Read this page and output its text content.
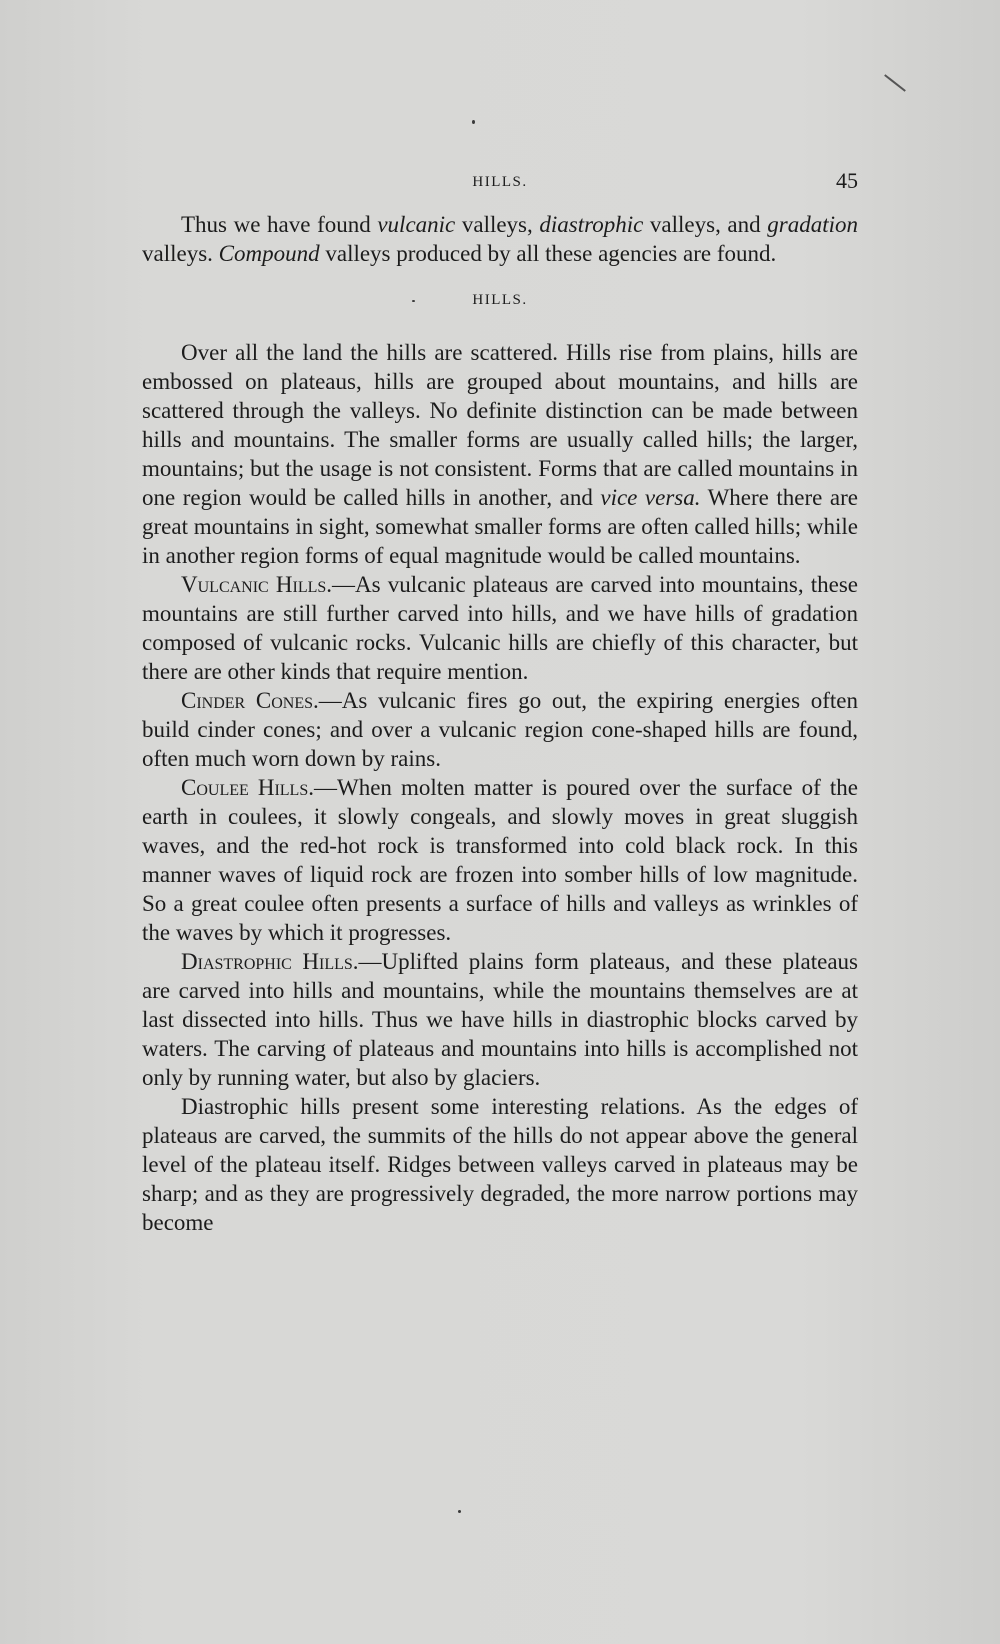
HILLS.	45

Thus we have found vulcanic valleys, diastrophic valleys, and gradation valleys. Compound valleys produced by all these agencies are found.

HILLS.

Over all the land the hills are scattered. Hills rise from plains, hills are embossed on plateaus, hills are grouped about mountains, and hills are scattered through the valleys. No definite distinction can be made between hills and mountains. The smaller forms are usually called hills; the larger, mountains; but the usage is not consistent. Forms that are called mountains in one region would be called hills in another, and vice versa. Where there are great mountains in sight, somewhat smaller forms are often called hills; while in another region forms of equal magnitude would be called mountains.

Vulcanic Hills.—As vulcanic plateaus are carved into mountains, these mountains are still further carved into hills, and we have hills of gradation composed of vulcanic rocks. Vulcanic hills are chiefly of this character, but there are other kinds that require mention.

Cinder Cones.—As vulcanic fires go out, the expiring energies often build cinder cones; and over a vulcanic region cone-shaped hills are found, often much worn down by rains.

Coulee Hills.—When molten matter is poured over the surface of the earth in coulees, it slowly congeals, and slowly moves in great sluggish waves, and the red-hot rock is transformed into cold black rock. In this manner waves of liquid rock are frozen into somber hills of low magnitude. So a great coulee often presents a surface of hills and valleys as wrinkles of the waves by which it progresses.

Diastrophic Hills.—Uplifted plains form plateaus, and these plateaus are carved into hills and mountains, while the mountains themselves are at last dissected into hills. Thus we have hills in diastrophic blocks carved by waters. The carving of plateaus and mountains into hills is accomplished not only by running water, but also by glaciers.

Diastrophic hills present some interesting relations. As the edges of plateaus are carved, the summits of the hills do not appear above the general level of the plateau itself. Ridges between valleys carved in plateaus may be sharp; and as they are progressively degraded, the more narrow portions may become
